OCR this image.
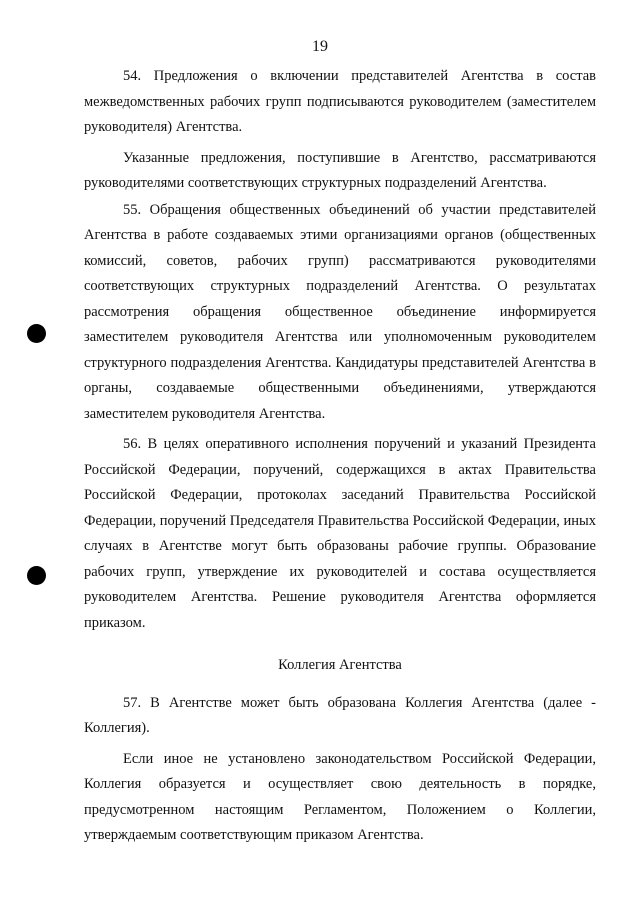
19

54. Предложения о включении представителей Агентства в состав межведомственных рабочих групп подписываются руководителем (заместителем руководителя) Агентства.

Указанные предложения, поступившие в Агентство, рассматриваются руководителями соответствующих структурных подразделений Агентства.

55. Обращения общественных объединений об участии представителей Агентства в работе создаваемых этими организациями органов (общественных комиссий, советов, рабочих групп) рассматриваются руководителями соответствующих структурных подразделений Агентства. О результатах рассмотрения обращения общественное объединение информируется заместителем руководителя Агентства или уполномоченным руководителем структурного подразделения Агентства. Кандидатуры представителей Агентства в органы, создаваемые общественными объединениями, утверждаются заместителем руководителя Агентства.

56. В целях оперативного исполнения поручений и указаний Президента Российской Федерации, поручений, содержащихся в актах Правительства Российской Федерации, протоколах заседаний Правительства Российской Федерации, поручений Председателя Правительства Российской Федерации, иных случаях в Агентстве могут быть образованы рабочие группы. Образование рабочих групп, утверждение их руководителей и состава осуществляется руководителем Агентства. Решение руководителя Агентства оформляется приказом.

Коллегия Агентства

57. В Агентстве может быть образована Коллегия Агентства (далее - Коллегия).

Если иное не установлено законодательством Российской Федерации, Коллегия образуется и осуществляет свою деятельность в порядке, предусмотренном настоящим Регламентом, Положением о Коллегии, утверждаемым соответствующим приказом Агентства.
